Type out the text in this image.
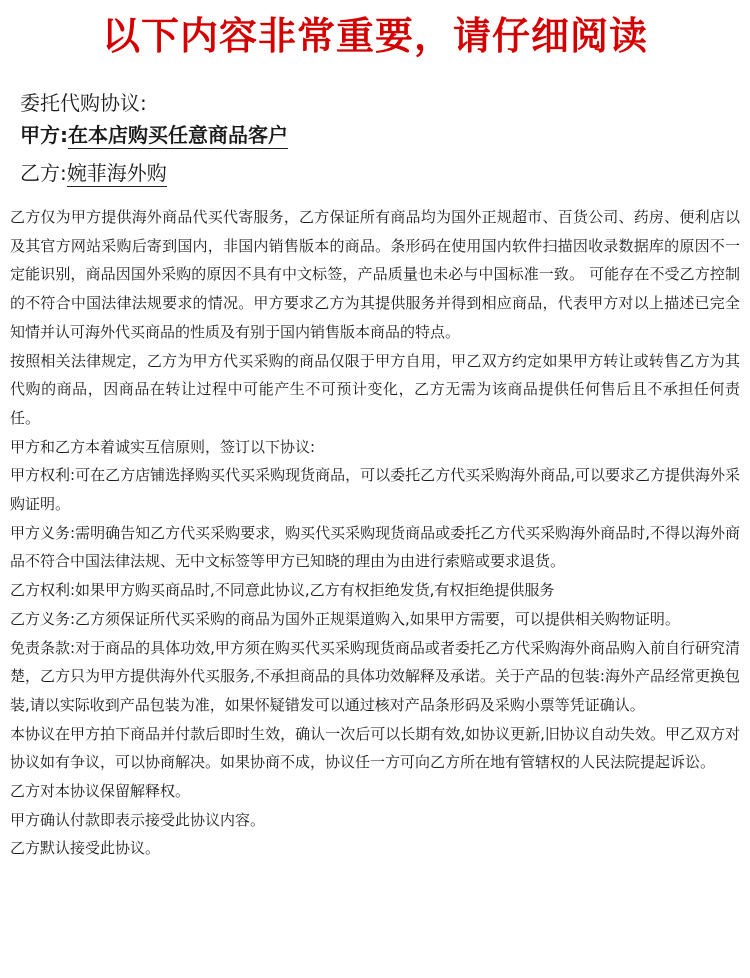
以下内容非常重要，请仔细阅读
委托代购协议:
甲方:在本店购买任意商品客户
乙方:婉菲海外购
乙方仅为甲方提供海外商品代买代寄服务，乙方保证所有商品均为国外正规超市、百货公司、药房、便利店以及其官方网站采购后寄到国内，非国内销售版本的商品。条形码在使用国内软件扫描因收录数据库的原因不一定能识别，商品因国外采购的原因不具有中文标签，产品质量也未必与中国标准一致。 可能存在不受乙方控制的不符合中国法律法规要求的情况。甲方要求乙方为其提供服务并得到相应商品，代表甲方对以上描述已完全知情并认可海外代买商品的性质及有别于国内销售版本商品的特点。
按照相关法律规定，乙方为甲方代买采购的商品仅限于甲方自用，甲乙双方约定如果甲方转让或转售乙方为其代购的商品，因商品在转让过程中可能产生不可预计变化，乙方无需为该商品提供任何售后且不承担任何责任。
甲方和乙方本着诚实互信原则，签订以下协议:
甲方权利:可在乙方店铺选择购买代买采购现货商品，可以委托乙方代买采购海外商品,可以要求乙方提供海外采购证明。
甲方义务:需明确告知乙方代买采购要求，购买代买采购现货商品或委托乙方代买采购海外商品时,不得以海外商品不符合中国法律法规、无中文标签等甲方已知晓的理由为由进行索赔或要求退货。
乙方权利:如果甲方购买商品时,不同意此协议,乙方有权拒绝发货,有权拒绝提供服务
乙方义务:乙方须保证所代买采购的商品为国外正规渠道购入,如果甲方需要，可以提供相关购物证明。
免责条款:对于商品的具体功效,甲方须在购买代买采购现货商品或者委托乙方代采购海外商品购入前自行研究清楚，乙方只为甲方提供海外代买服务,不承担商品的具体功效解释及承诺。关于产品的包装:海外产品经常更换包装,请以实际收到产品包装为准，如果怀疑错发可以通过核对产品条形码及采购小票等凭证确认。
本协议在甲方拍下商品并付款后即时生效，确认一次后可以长期有效,如协议更新,旧协议自动失效。甲乙双方对协议如有争议，可以协商解决。如果协商不成，协议任一方可向乙方所在地有管辖权的人民法院提起诉讼。
乙方对本协议保留解释权。
甲方确认付款即表示接受此协议内容。
乙方默认接受此协议。
